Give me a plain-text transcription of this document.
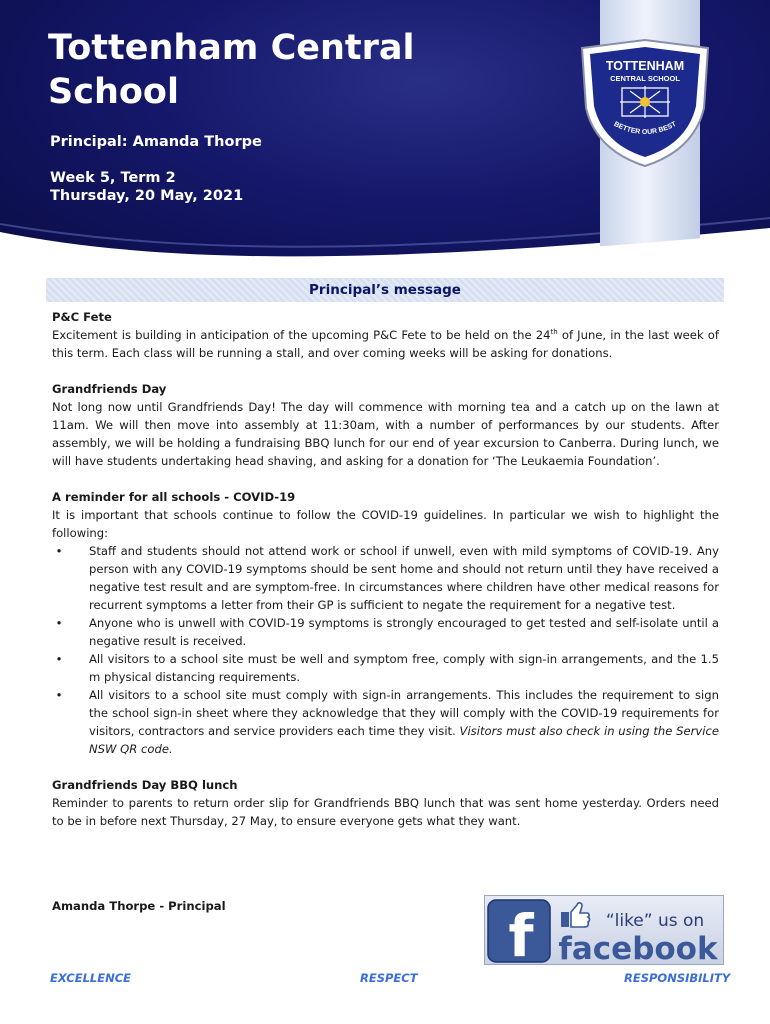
Tottenham Central School
Principal: Amanda Thorpe
Week 5, Term 2
Thursday, 20 May, 2021
TOTTENHAM
CENTRAL SCHOOL
BETTER OUR BEST
Principal’s message

P&C Fete

Excitement is building in anticipation of the upcoming P&C Fete to be held on the 24th of June, in the last week of this term. Each class will be running a stall, and over coming weeks will be asking for donations.

Grandfriends Day

Not long now until Grandfriends Day! The day will commence with morning tea and a catch up on the lawn at 11am. We will then move into assembly at 11:30am, with a number of performances by our students. After assembly, we will be holding a fundraising BBQ lunch for our end of year excursion to Canberra. During lunch, we will have students undertaking head shaving, and asking for a donation for ‘The Leukaemia Foundation’.

A reminder for all schools - COVID-19

It is important that schools continue to follow the COVID-19 guidelines. In particular we wish to highlight the following:

• Staff and students should not attend work or school if unwell, even with mild symptoms of COVID-19. Any person with any COVID-19 symptoms should be sent home and should not return until they have received a negative test result and are symptom-free. In circumstances where children have other medical reasons for recurrent symptoms a letter from their GP is sufficient to negate the requirement for a negative test.
• Anyone who is unwell with COVID-19 symptoms is strongly encouraged to get tested and self-isolate until a negative result is received.
• All visitors to a school site must be well and symptom free, comply with sign-in arrangements, and the 1.5 m physical distancing requirements.
• All visitors to a school site must comply with sign-in arrangements. This includes the requirement to sign the school sign-in sheet where they acknowledge that they will comply with the COVID-19 requirements for visitors, contractors and service providers each time they visit. Visitors must also check in using the Service NSW QR code.

Grandfriends Day BBQ lunch

Reminder to parents to return order slip for Grandfriends BBQ lunch that was sent home yesterday. Orders need to be in before next Thursday, 27 May, to ensure everyone gets what they want.

Amanda Thorpe - Principal	f	“like” us on
facebook
EXCELLENCE	RESPECT	RESPONSIBILITY
